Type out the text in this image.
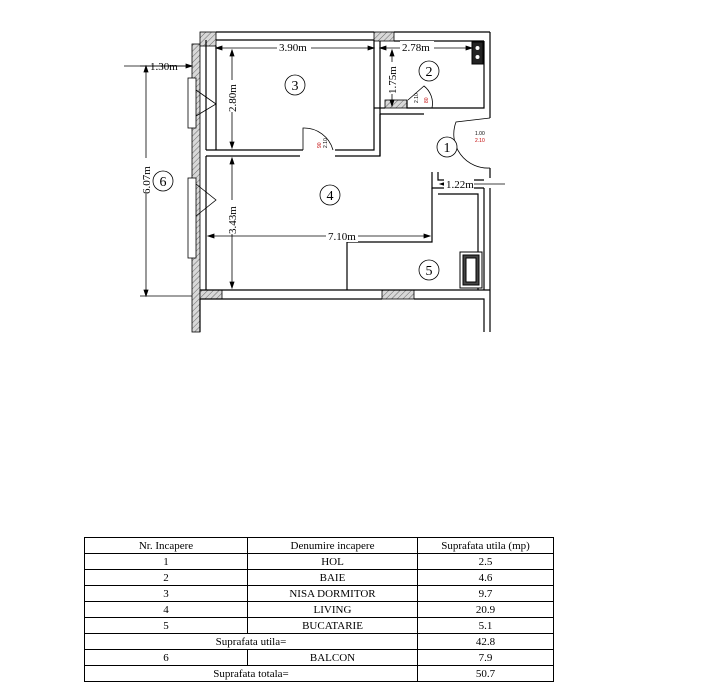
80
2.10
90 2.10
1.00
2.10
3.90m	2.78m
1.30m
2.80m
1.75m
6.07m	1.22m
3.43m
7.10m
1
2
3
4
5
6
Nr. Incapere	Denumire incapere	Suprafata utila (mp)
1	HOL	2.5
2	BAIE	4.6
3	NISA DORMITOR	9.7
4	LIVING	20.9
5	BUCATARIE	5.1
Suprafata utila=		42.8
6	BALCON	7.9
Suprafata totala=		50.7
